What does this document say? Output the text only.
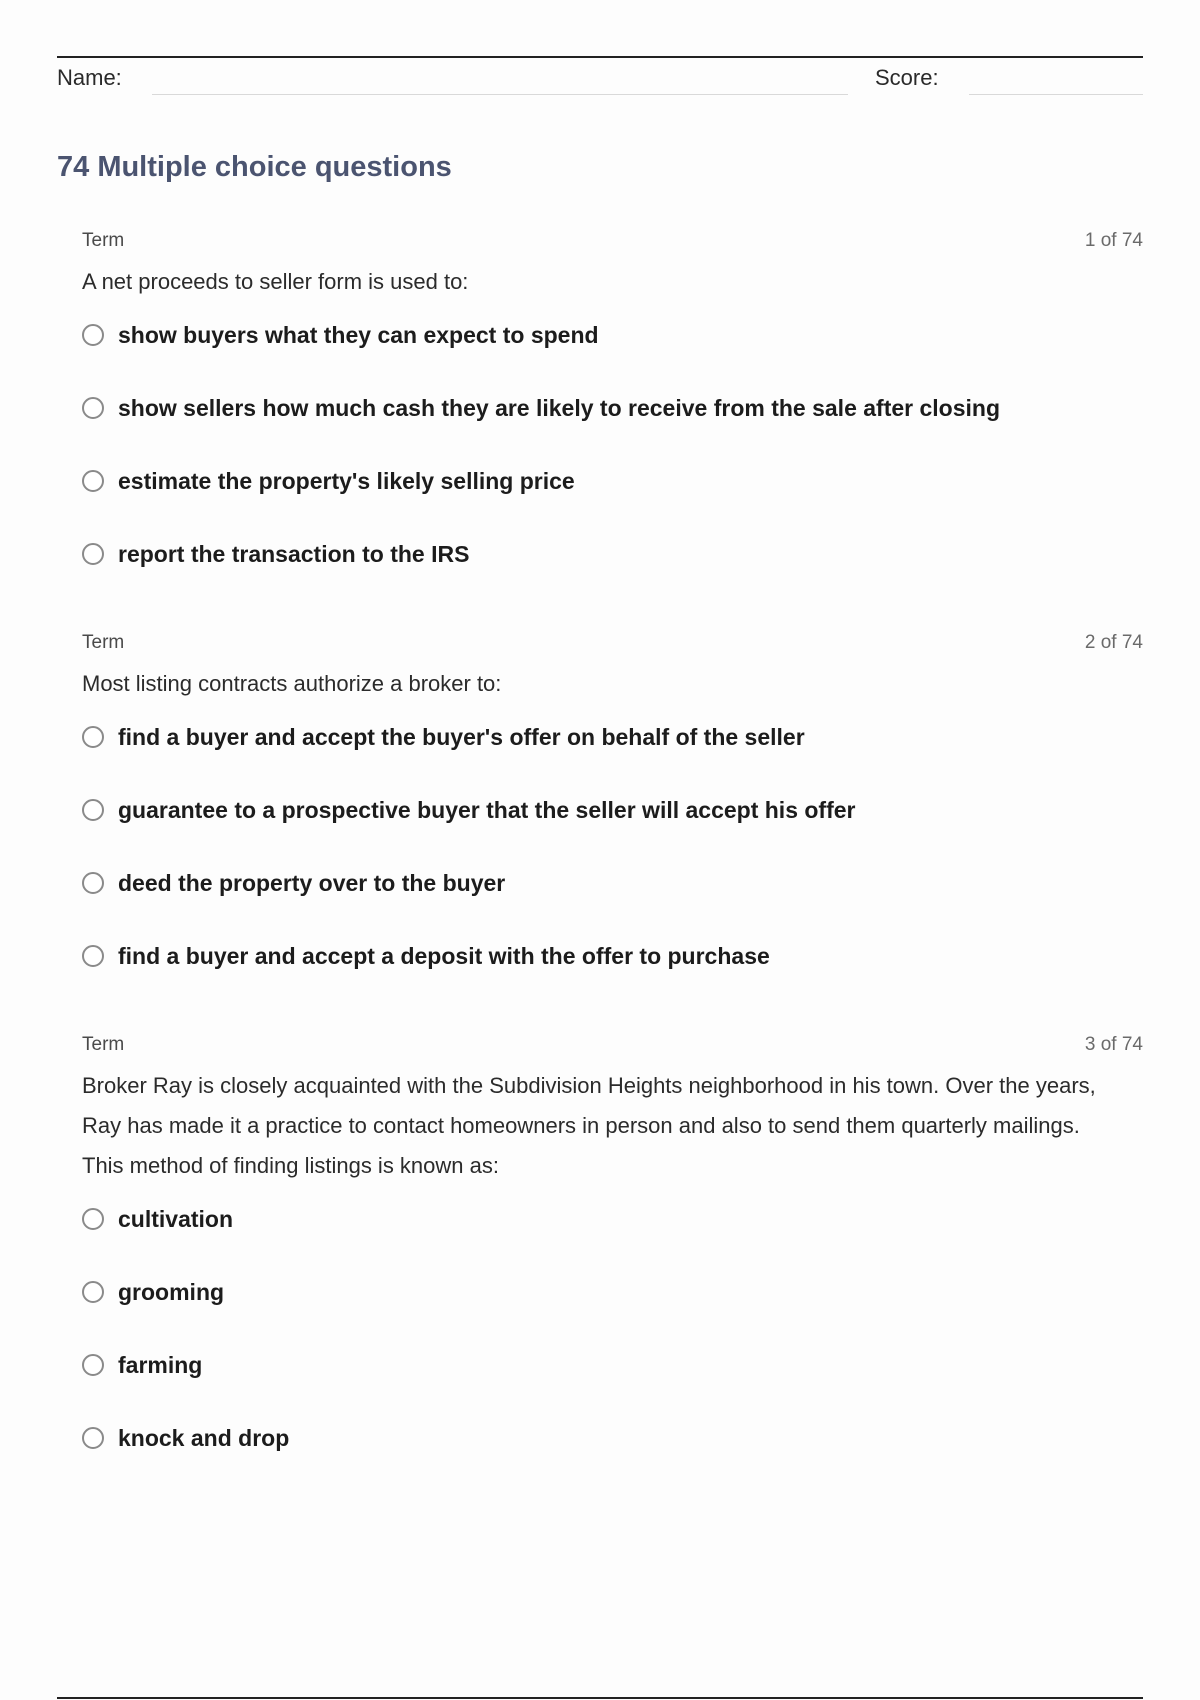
Name:	Score:
74 Multiple choice questions
Term	1 of 74
A net proceeds to seller form is used to:
show buyers what they can expect to spend
show sellers how much cash they are likely to receive from the sale after closing
estimate the property's likely selling price
report the transaction to the IRS
Term	2 of 74
Most listing contracts authorize a broker to:
find a buyer and accept the buyer's offer on behalf of the seller
guarantee to a prospective buyer that the seller will accept his offer
deed the property over to the buyer
find a buyer and accept a deposit with the offer to purchase
Term	3 of 74
Broker Ray is closely acquainted with the Subdivision Heights neighborhood in his town. Over the years, Ray has made it a practice to contact homeowners in person and also to send them quarterly mailings. This method of finding listings is known as:
cultivation
grooming
farming
knock and drop
